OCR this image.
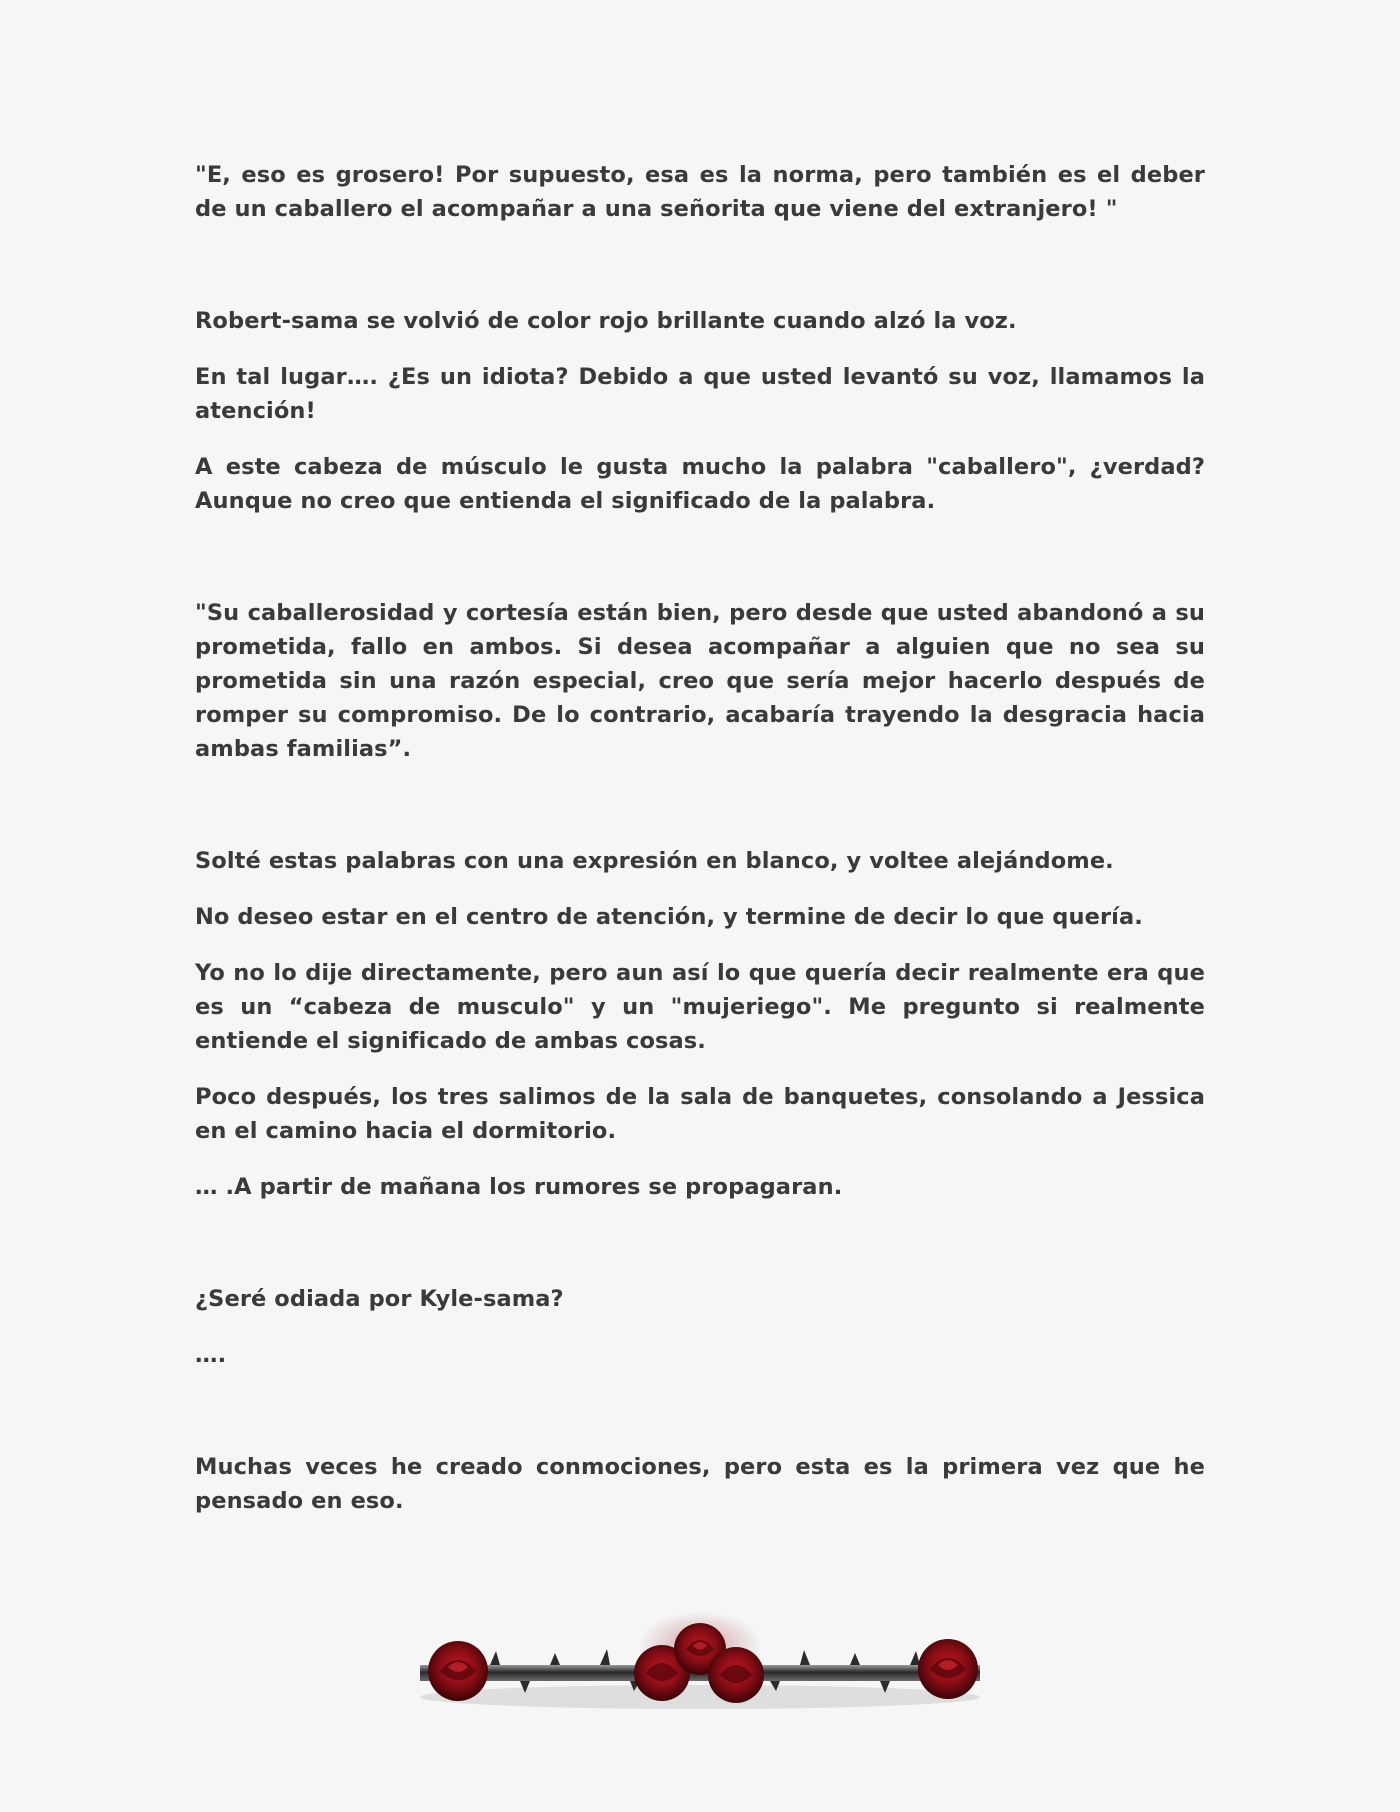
"E, eso es grosero! Por supuesto, esa es la norma, pero también es el deber de un caballero el acompañar a una señorita que viene del extranjero! "

Robert-sama se volvió de color rojo brillante cuando alzó la voz.

En tal lugar…. ¿Es un idiota? Debido a que usted levantó su voz, llamamos la atención!

A este cabeza de músculo le gusta mucho la palabra "caballero", ¿verdad? Aunque no creo que entienda el significado de la palabra.

"Su caballerosidad y cortesía están bien, pero desde que usted abandonó a su prometida, fallo en ambos. Si desea acompañar a alguien que no sea su prometida sin una razón especial, creo que sería mejor hacerlo después de romper su compromiso. De lo contrario, acabaría trayendo la desgracia hacia ambas familias”.

Solté estas palabras con una expresión en blanco, y voltee alejándome.

No deseo estar en el centro de atención, y termine de decir lo que quería.

Yo no lo dije directamente, pero aun así lo que quería decir realmente era que es un “cabeza de musculo" y un "mujeriego". Me pregunto si realmente entiende el significado de ambas cosas.

Poco después, los tres salimos de la sala de banquetes, consolando a Jessica en el camino hacia el dormitorio.

… .A partir de mañana los rumores se propagaran.

¿Seré odiada por Kyle-sama?

….

Muchas veces he creado conmociones, pero esta es la primera vez que he pensado en eso.
